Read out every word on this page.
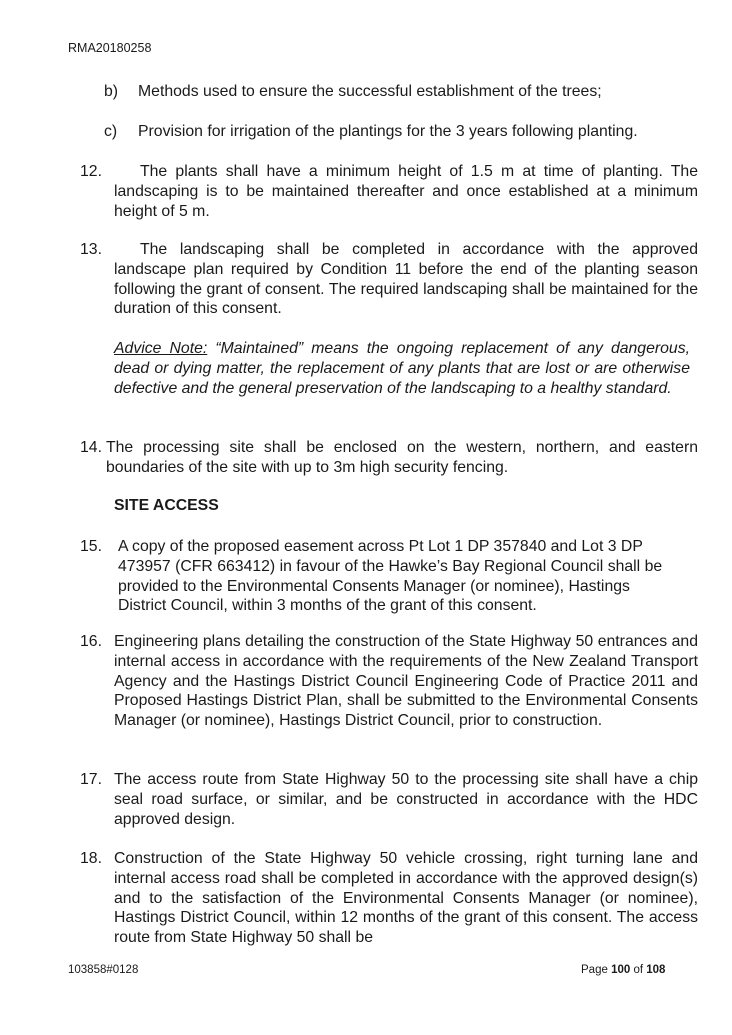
RMA20180258
b) Methods used to ensure the successful establishment of the trees;
c) Provision for irrigation of the plantings for the 3 years following planting.
12.	The plants shall have a minimum height of 1.5 m at time of planting. The landscaping is to be maintained thereafter and once established at a minimum height of 5 m.
13.	The landscaping shall be completed in accordance with the approved landscape plan required by Condition 11 before the end of the planting season following the grant of consent. The required landscaping shall be maintained for the duration of this consent.
Advice Note: “Maintained” means the ongoing replacement of any dangerous, dead or dying matter, the replacement of any plants that are lost or are otherwise defective and the general preservation of the landscaping to a healthy standard.
14. The processing site shall be enclosed on the western, northern, and eastern boundaries of the site with up to 3m high security fencing.
SITE ACCESS
15. A copy of the proposed easement across Pt Lot 1 DP 357840 and Lot 3 DP 473957 (CFR 663412) in favour of the Hawke’s Bay Regional Council shall be provided to the Environmental Consents Manager (or nominee), Hastings District Council, within 3 months of the grant of this consent.
16. Engineering plans detailing the construction of the State Highway 50 entrances and internal access in accordance with the requirements of the New Zealand Transport Agency and the Hastings District Council Engineering Code of Practice 2011 and Proposed Hastings District Plan, shall be submitted to the Environmental Consents Manager (or nominee), Hastings District Council, prior to construction.
17. The access route from State Highway 50 to the processing site shall have a chip seal road surface, or similar, and be constructed in accordance with the HDC approved design.
18. Construction of the State Highway 50 vehicle crossing, right turning lane and internal access road shall be completed in accordance with the approved design(s) and to the satisfaction of the Environmental Consents Manager (or nominee), Hastings District Council, within 12 months of the grant of this consent. The access route from State Highway 50 shall be
103858#0128	Page 100 of 108
